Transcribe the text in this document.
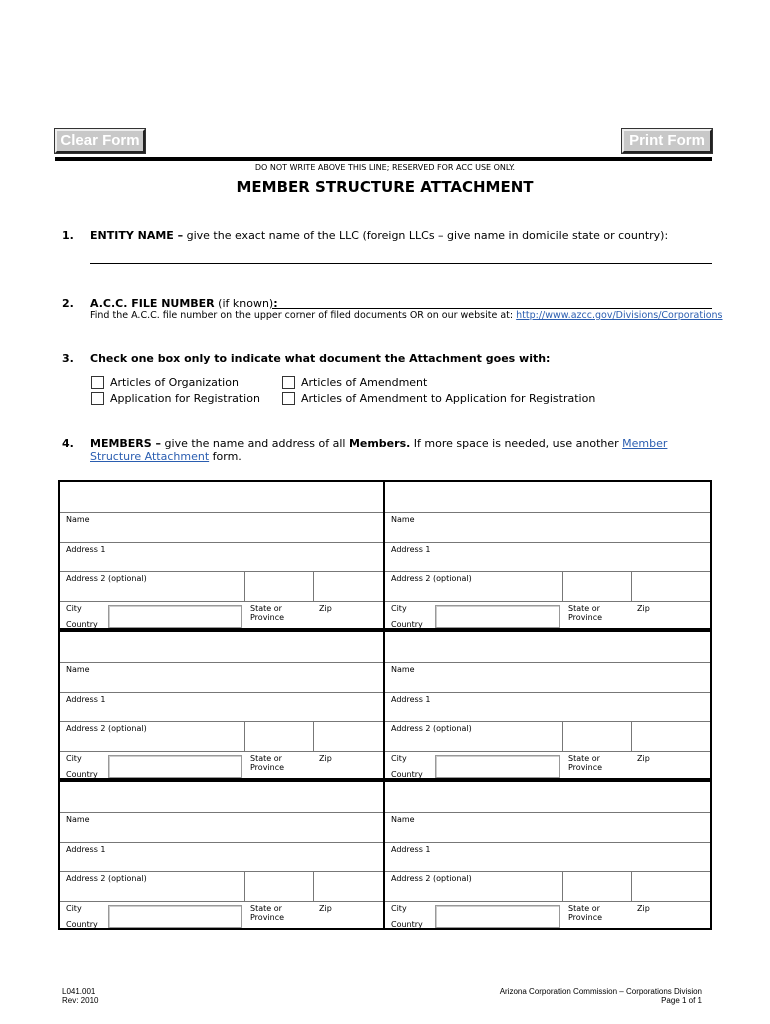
Clear Form	Print Form
DO NOT WRITE ABOVE THIS LINE; RESERVED FOR ACC USE ONLY.
MEMBER STRUCTURE ATTACHMENT
1. ENTITY NAME – give the exact name of the LLC (foreign LLCs – give name in domicile state or country):
2. A.C.C. FILE NUMBER (if known):
Find the A.C.C. file number on the upper corner of filed documents OR on our website at: http://www.azcc.gov/Divisions/Corporations
3. Check one box only to indicate what document the Attachment goes with:
Articles of Organization
Application for Registration
Articles of Amendment
Articles of Amendment to Application for Registration
4. MEMBERS – give the name and address of all Members. If more space is needed, use another Member Structure Attachment form.
Name
Address 1
Address 2 (optional)
City
Country
State or Province
Zip
Name
Address 1
Address 2 (optional)
City
Country
State or Province
Zip
Name
Address 1
Address 2 (optional)
City
Country
State or Province
Zip
Name
Address 1
Address 2 (optional)
City
Country
State or Province
Zip
Name
Address 1
Address 2 (optional)
City
Country
State or Province
Zip
Name
Address 1
Address 2 (optional)
City
Country
State or Province
Zip
L041.001
Rev: 2010
Arizona Corporation Commission – Corporations Division
Page 1 of 1
